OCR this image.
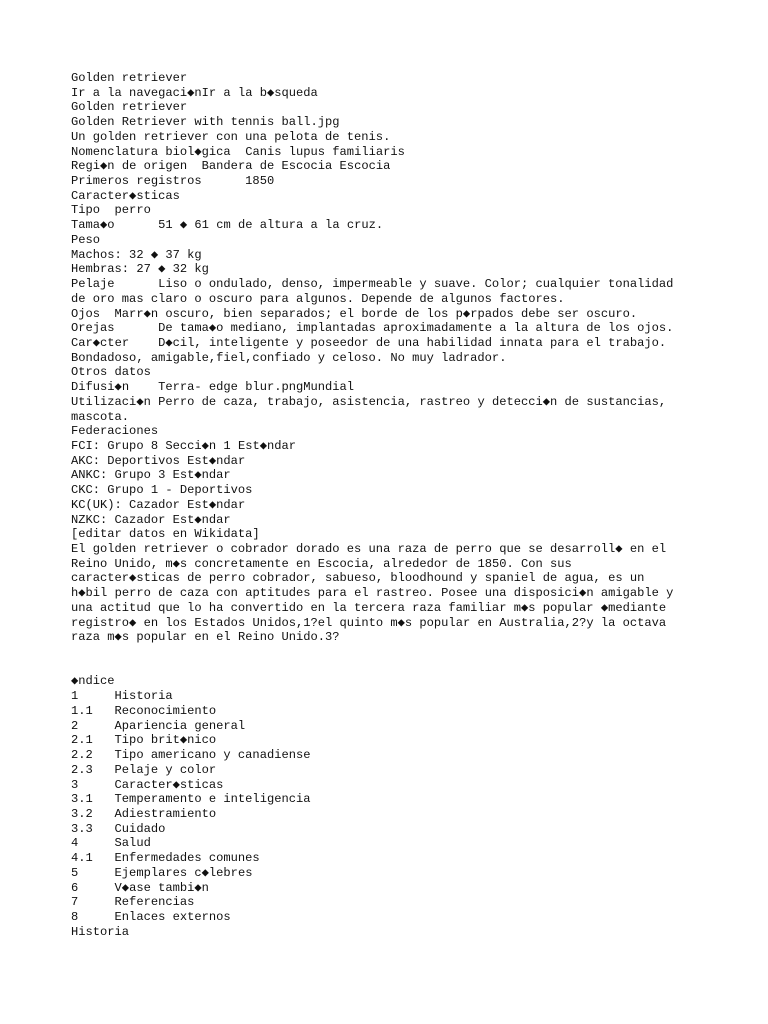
Golden retriever
Ir a la navegaci◆nIr a la b◆squeda
Golden retriever
Golden Retriever with tennis ball.jpg
Un golden retriever con una pelota de tenis.
Nomenclatura biol◆gica  Canis lupus familiaris
Regi◆n de origen  Bandera de Escocia Escocia
Primeros registros      1850
Caracter◆sticas
Tipo  perro
Tama◆o      51 ◆ 61 cm de altura a la cruz.
Peso
Machos: 32 ◆ 37 kg
Hembras: 27 ◆ 32 kg
Pelaje      Liso o ondulado, denso, impermeable y suave. Color; cualquier tonalidad
de oro mas claro o oscuro para algunos. Depende de algunos factores.
Ojos  Marr◆n oscuro, bien separados; el borde de los p◆rpados debe ser oscuro.
Orejas      De tama◆o mediano, implantadas aproximadamente a la altura de los ojos.
Car◆cter    D◆cil, inteligente y poseedor de una habilidad innata para el trabajo.
Bondadoso, amigable,fiel,confiado y celoso. No muy ladrador.
Otros datos
Difusi◆n    Terra- edge blur.pngMundial
Utilizaci◆n Perro de caza, trabajo, asistencia, rastreo y detecci◆n de sustancias,
mascota.
Federaciones
FCI: Grupo 8 Secci◆n 1 Est◆ndar
AKC: Deportivos Est◆ndar
ANKC: Grupo 3 Est◆ndar
CKC: Grupo 1 - Deportivos
KC(UK): Cazador Est◆ndar
NZKC: Cazador Est◆ndar
[editar datos en Wikidata]
El golden retriever o cobrador dorado es una raza de perro que se desarroll◆ en el
Reino Unido, m◆s concretamente en Escocia, alrededor de 1850. Con sus
caracter◆sticas de perro cobrador, sabueso, bloodhound y spaniel de agua, es un
h◆bil perro de caza con aptitudes para el rastreo. Posee una disposici◆n amigable y
una actitud que lo ha convertido en la tercera raza familiar m◆s popular ◆mediante
registro◆ en los Estados Unidos,1?el quinto m◆s popular en Australia,2?y la octava
raza m◆s popular en el Reino Unido.3?
◆ndice
1     Historia
1.1   Reconocimiento
2     Apariencia general
2.1   Tipo brit◆nico
2.2   Tipo americano y canadiense
2.3   Pelaje y color
3     Caracter◆sticas
3.1   Temperamento e inteligencia
3.2   Adiestramiento
3.3   Cuidado
4     Salud
4.1   Enfermedades comunes
5     Ejemplares c◆lebres
6     V◆ase tambi◆n
7     Referencias
8     Enlaces externos
Historia
